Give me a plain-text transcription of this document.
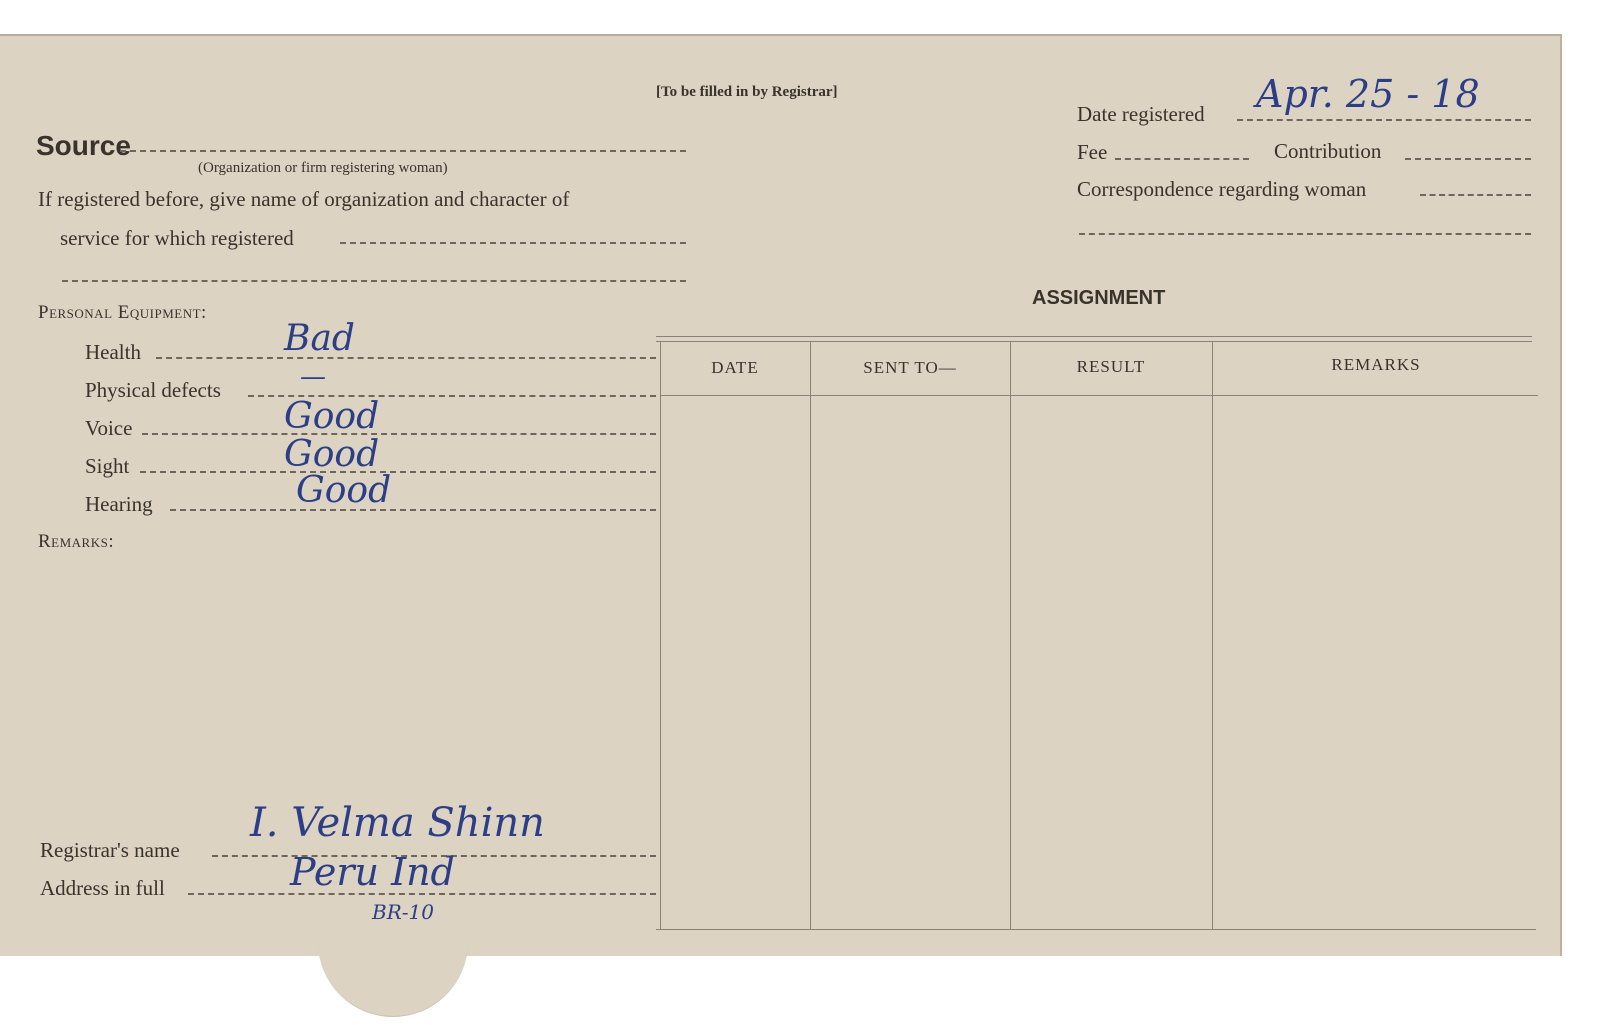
[To be filled in by Registrar]
Source
(Organization or firm registering woman)
If registered before, give name of organization and character of
service for which registered
Date registered Apr. 25 - 18
Fee	Contribution
Correspondence regarding woman
Personal Equipment:
Health	Bad
Physical defects	—
Voice	Good
Sight	Good
Hearing	Good
Remarks:
ASSIGNMENT
DATE	SENT TO—	RESULT	REMARKS
Registrar's name
I. Velma Shinn
Address in full	Peru Ind
BR-10
